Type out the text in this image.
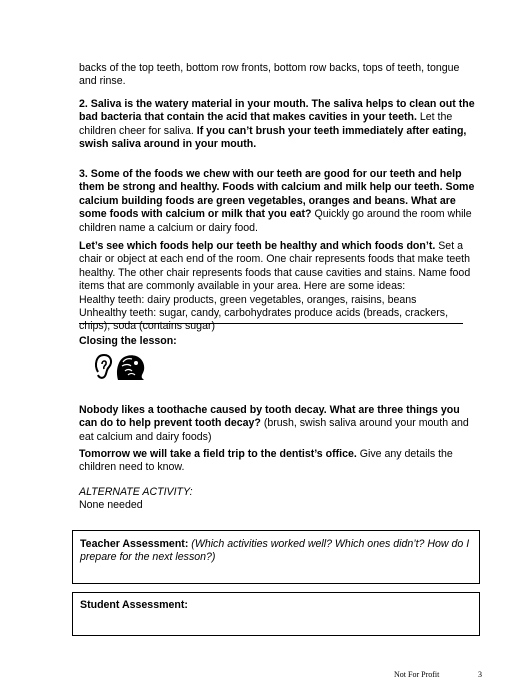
backs of the top teeth, bottom row fronts, bottom row backs, tops of teeth, tongue and rinse.

2. Saliva is the watery material in your mouth. The saliva helps to clean out the bad bacteria that contain the acid that makes cavities in your teeth. Let the children cheer for saliva. If you can’t brush your teeth immediately after eating, swish saliva around in your mouth.

3. Some of the foods we chew with our teeth are good for our teeth and help them be strong and healthy. Foods with calcium and milk help our teeth. Some calcium building foods are green vegetables, oranges and beans. What are some foods with calcium or milk that you eat? Quickly go around the room while children name a calcium or dairy food.

Let’s see which foods help our teeth be healthy and which foods don’t. Set a chair or object at each end of the room. One chair represents foods that make teeth healthy. The other chair represents foods that cause cavities and stains. Name food items that are commonly available in your area. Here are some ideas:
Healthy teeth: dairy products, green vegetables, oranges, raisins, beans
Unhealthy teeth: sugar, candy, carbohydrates produce acids (breads, crackers, chips), soda (contains sugar)

Closing the lesson:

Nobody likes a toothache caused by tooth decay. What are three things you can do to help prevent tooth decay? (brush, swish saliva around your mouth and eat calcium and dairy foods)

Tomorrow we will take a field trip to the dentist’s office. Give any details the children need to know.

ALTERNATE ACTIVITY:
None needed

Teacher Assessment: (Which activities worked well? Which ones didn’t? How do I prepare for the next lesson?)

Student Assessment:

Not For Profit	3
